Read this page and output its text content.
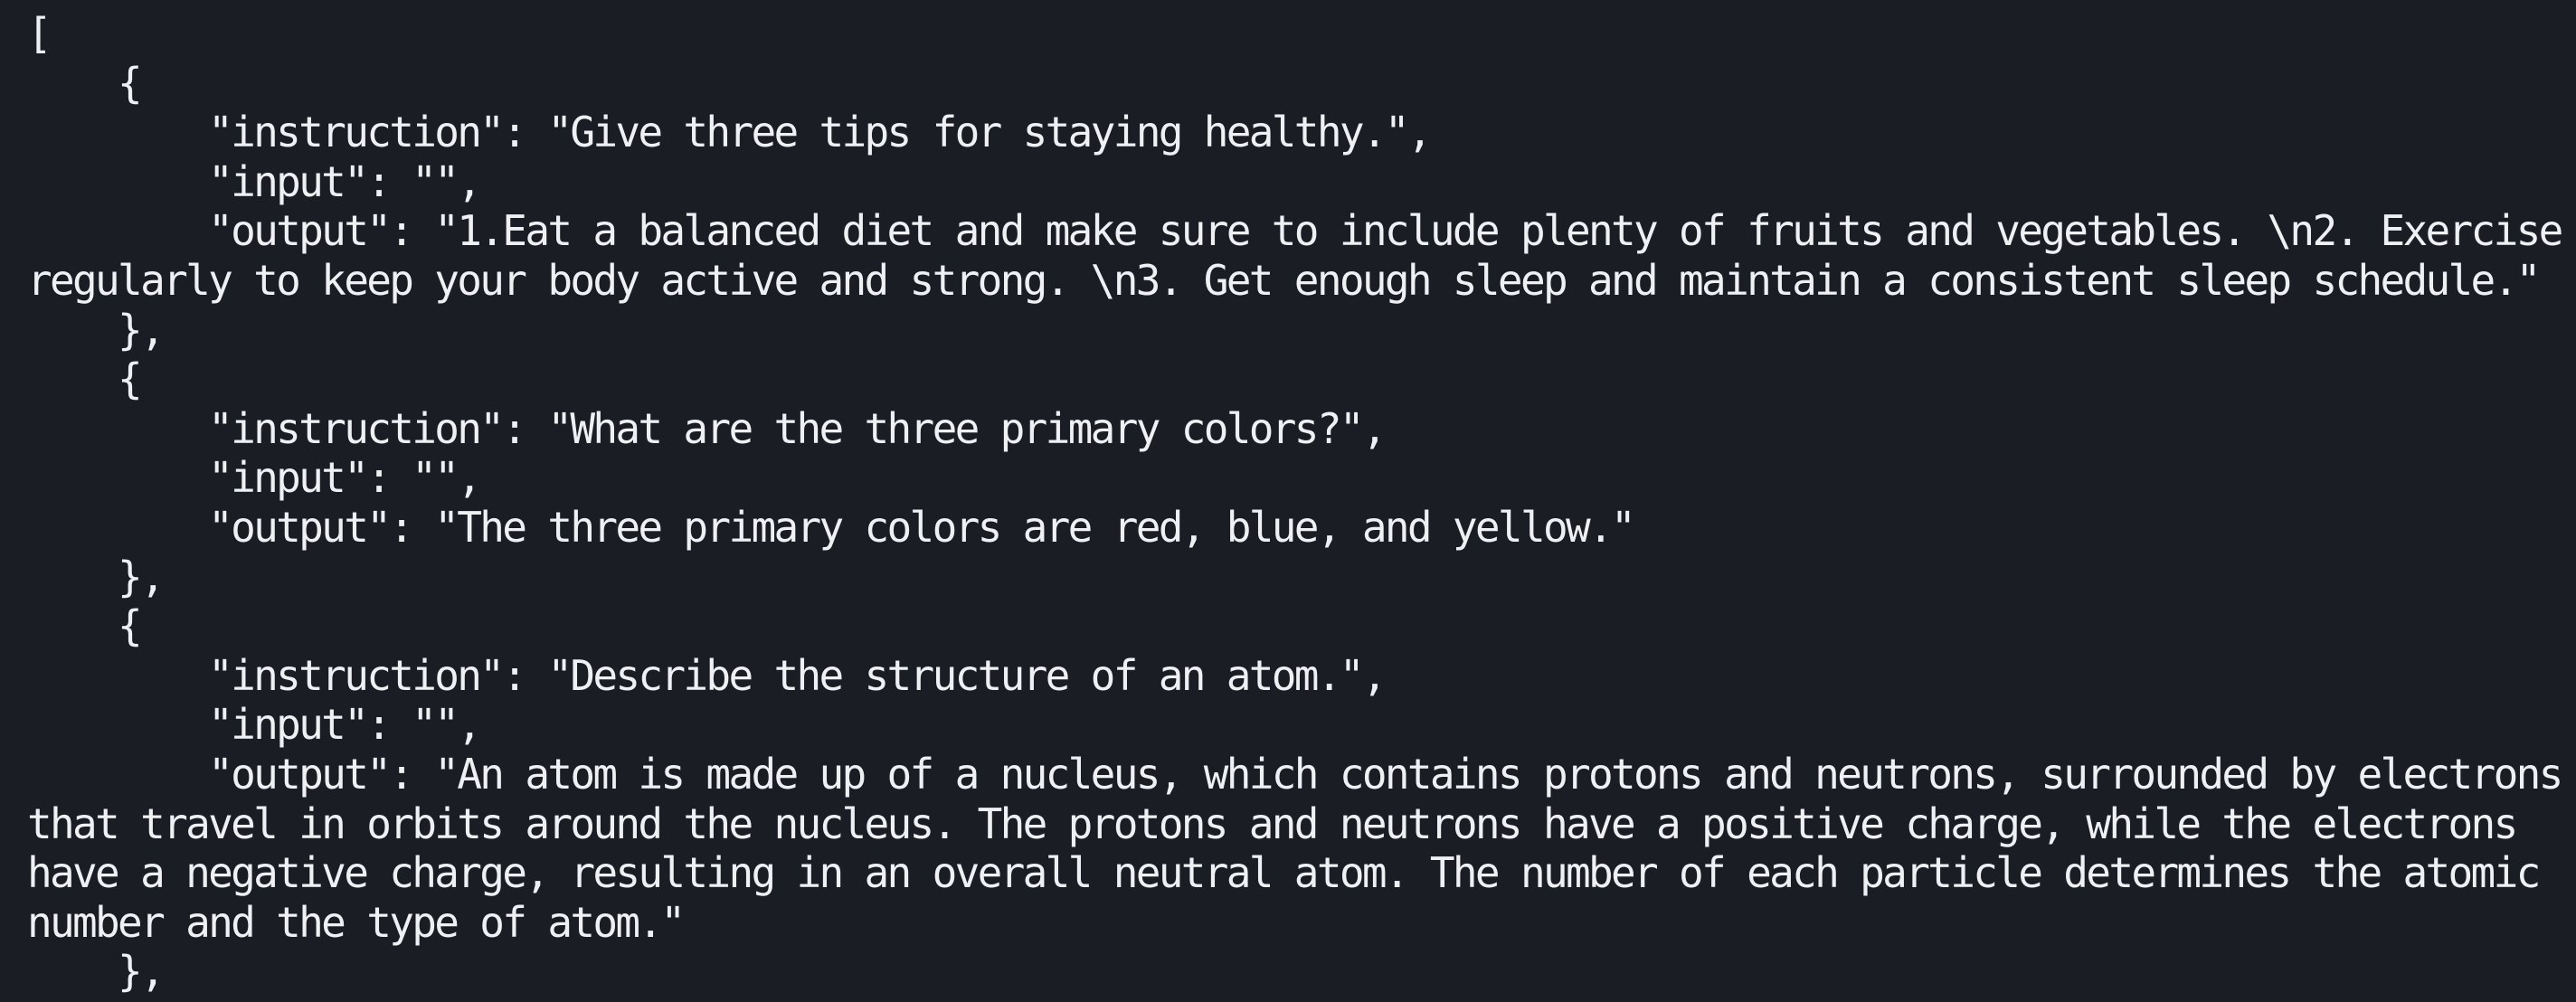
[
{
"instruction": "Give three tips for staying healthy.",
"input": "",
"output": "1.Eat a balanced diet and make sure to include plenty of fruits and vegetables. \n2. Exercise
regularly to keep your body active and strong. \n3. Get enough sleep and maintain a consistent sleep schedule."
},
{
"instruction": "What are the three primary colors?",
"input": "",
"output": "The three primary colors are red, blue, and yellow."
},
{
"instruction": "Describe the structure of an atom.",
"input": "",
"output": "An atom is made up of a nucleus, which contains protons and neutrons, surrounded by electrons
that travel in orbits around the nucleus. The protons and neutrons have a positive charge, while the electrons
have a negative charge, resulting in an overall neutral atom. The number of each particle determines the atomic
number and the type of atom."
},
